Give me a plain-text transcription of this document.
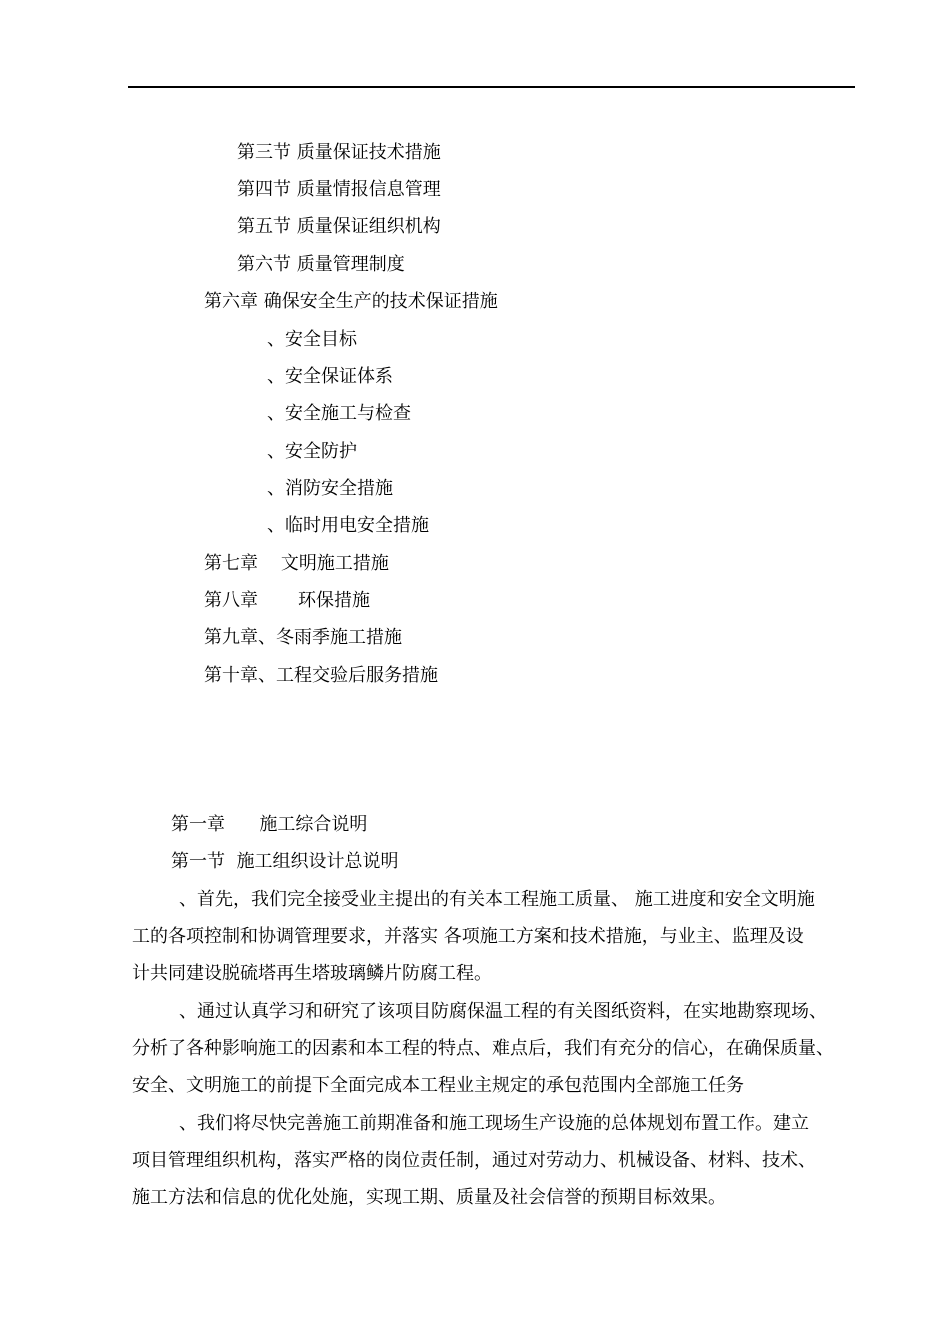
第三节 质量保证技术措施
第四节 质量情报信息管理
第五节 质量保证组织机构
第六节 质量管理制度
第六章 确保安全生产的技术保证措施
、安全目标
、安全保证体系
、安全施工与检查
、安全防护
、消防安全措施
、临时用电安全措施
第七章    文明施工措施
第八章       环保措施
第九章、冬雨季施工措施
第十章、工程交验后服务措施
第一章      施工综合说明
第一节  施工组织设计总说明
、首先，我们完全接受业主提出的有关本工程施工质量、 施工进度和安全文明施
工的各项控制和协调管理要求，并落实 各项施工方案和技术措施，与业主、监理及设
计共同建设脱硫塔再生塔玻璃鳞片防腐工程。
、通过认真学习和研究了该项目防腐保温工程的有关图纸资料，在实地勘察现场、
分析了各种影响施工的因素和本工程的特点、难点后，我们有充分的信心，在确保质量、
安全、文明施工的前提下全面完成本工程业主规定的承包范围内全部施工任务
、我们将尽快完善施工前期准备和施工现场生产设施的总体规划布置工作。建立
项目管理组织机构，落实严格的岗位责任制，通过对劳动力、机械设备、材料、技术、
施工方法和信息的优化处施，实现工期、质量及社会信誉的预期目标效果。
